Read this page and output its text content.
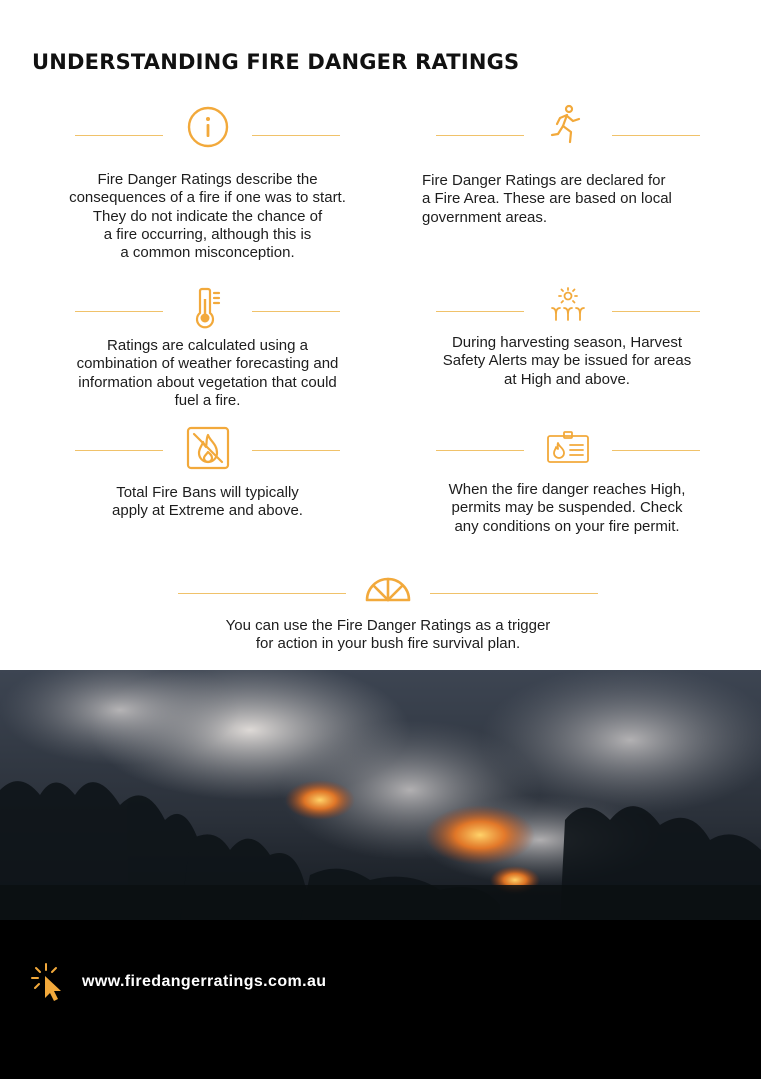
UNDERSTANDING FIRE DANGER RATINGS
Fire Danger Ratings describe the
consequences of a fire if one was to start.
They do not indicate the chance of
a fire occurring, although this is
a common misconception.
Fire Danger Ratings are declared for
a Fire Area. These are based on local
government areas.
Ratings are calculated using a
combination of weather forecasting and
information about vegetation that could
fuel a fire.
During harvesting season, Harvest
Safety Alerts may be issued for areas
at High and above.
Total Fire Bans will typically
apply at Extreme and above.
When the fire danger reaches High,
permits may be suspended. Check
any conditions on your fire permit.
You can use the Fire Danger Ratings as a trigger
for action in your bush fire survival plan.
www.firedangerratings.com.au
